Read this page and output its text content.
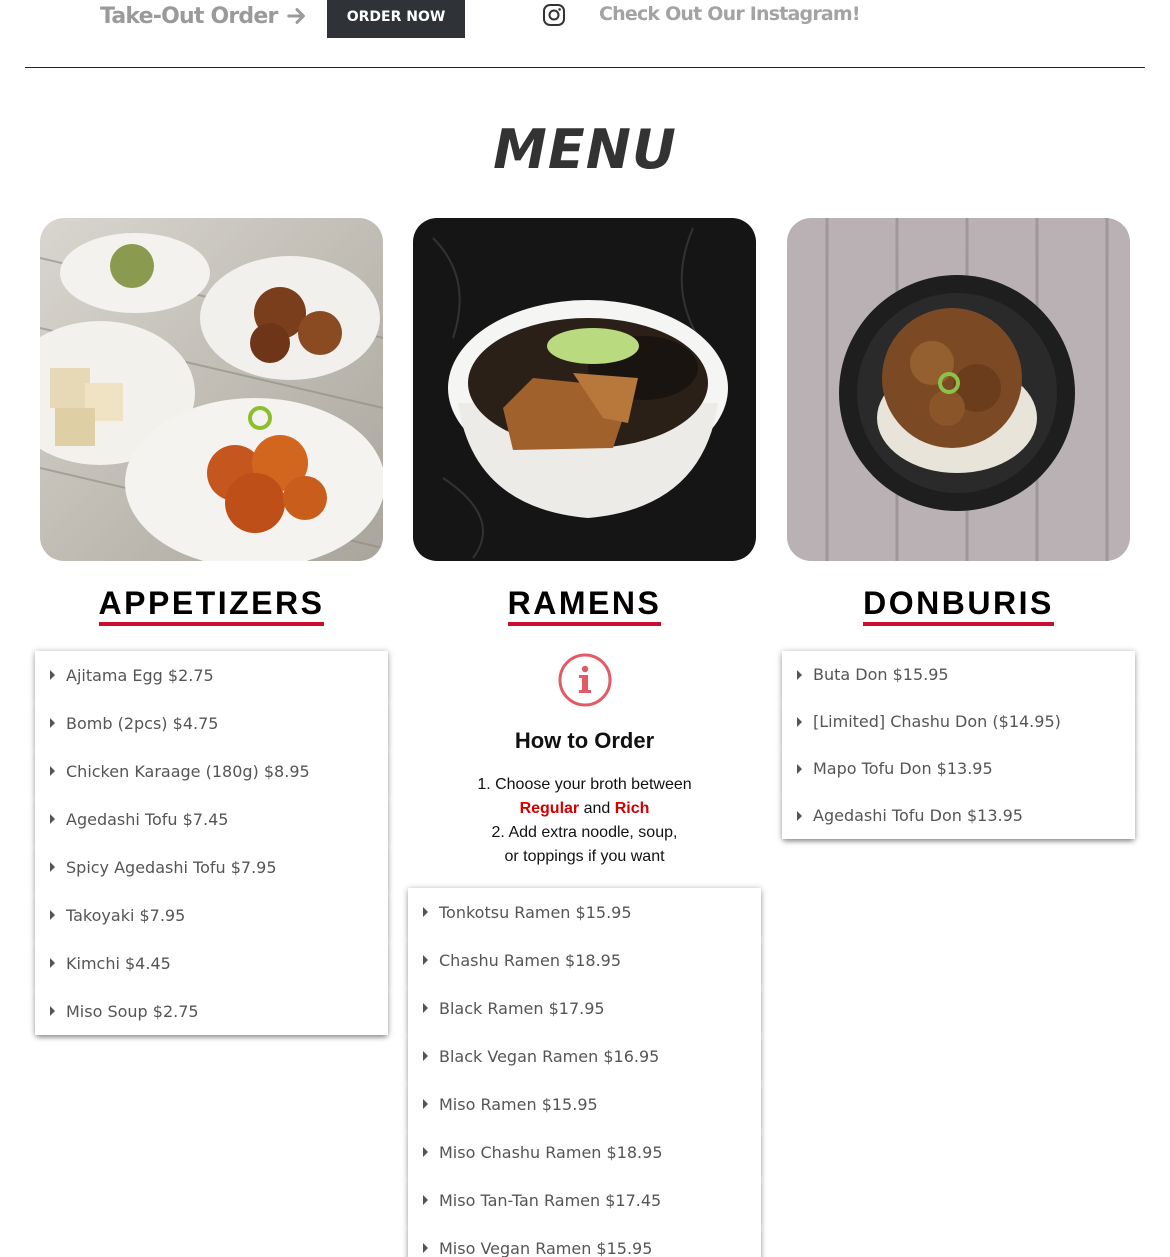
Take-Out Order	ORDER NOW	Check Out Our Instagram!
MENU
APPETIZERS	RAMENS	DONBURIS
Ajitama Egg $2.75
Bomb (2pcs) $4.75
Chicken Karaage (180g) $8.95
Agedashi Tofu $7.45
Spicy Agedashi Tofu $7.95
Takoyaki $7.95
Kimchi $4.45
Miso Soup $2.75
How to Order
1. Choose your broth between
Regular and Rich
2. Add extra noodle, soup,
or toppings if you want
Tonkotsu Ramen $15.95
Chashu Ramen $18.95
Black Ramen $17.95
Black Vegan Ramen $16.95
Miso Ramen $15.95
Miso Chashu Ramen $18.95
Miso Tan-Tan Ramen $17.45
Miso Vegan Ramen $15.95
Buta Don $15.95
[Limited] Chashu Don ($14.95)
Mapo Tofu Don $13.95
Agedashi Tofu Don $13.95
